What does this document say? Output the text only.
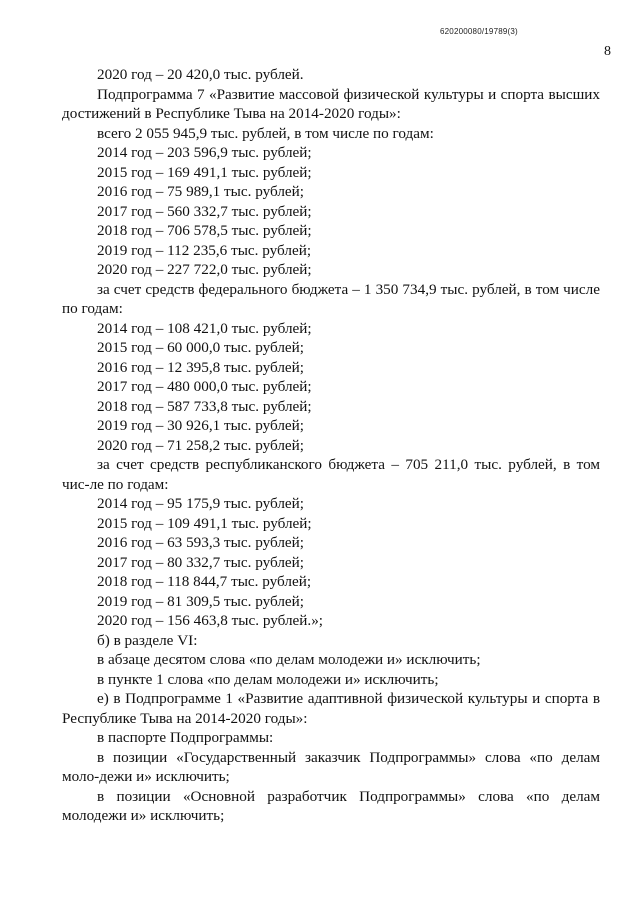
620200080/19789(3)
8

2020 год – 20 420,0 тыс. рублей.

Подпрограмма 7 «Развитие массовой физической культуры и спорта высших достижений в Республике Тыва на 2014-2020 годы»:

всего 2 055 945,9 тыс. рублей, в том числе по годам:

2014 год – 203 596,9 тыс. рублей;

2015 год – 169 491,1 тыс. рублей;

2016 год – 75 989,1 тыс. рублей;

2017 год – 560 332,7 тыс. рублей;

2018 год – 706 578,5 тыс. рублей;

2019 год – 112 235,6 тыс. рублей;

2020 год – 227 722,0 тыс. рублей;

за счет средств федерального бюджета – 1 350 734,9 тыс. рублей, в том числе по годам:

2014 год – 108 421,0 тыс. рублей;

2015 год – 60 000,0 тыс. рублей;

2016 год – 12 395,8 тыс. рублей;

2017 год – 480 000,0 тыс. рублей;

2018 год – 587 733,8 тыс. рублей;

2019 год – 30 926,1 тыс. рублей;

2020 год – 71 258,2 тыс. рублей;

за счет средств республиканского бюджета – 705 211,0 тыс. рублей, в том чис-ле по годам:

2014 год – 95 175,9 тыс. рублей;

2015 год – 109 491,1 тыс. рублей;

2016 год – 63 593,3 тыс. рублей;

2017 год – 80 332,7 тыс. рублей;

2018 год – 118 844,7 тыс. рублей;

2019 год – 81 309,5 тыс. рублей;

2020 год – 156 463,8 тыс. рублей.»;

б) в разделе VI:

в абзаце десятом слова «по делам молодежи и» исключить;

в пункте 1 слова «по делам молодежи и» исключить;

е) в Подпрограмме 1 «Развитие адаптивной физической культуры и спорта в Республике Тыва на 2014-2020 годы»:

в паспорте Подпрограммы:

в позиции «Государственный заказчик Подпрограммы» слова «по делам моло-дежи и» исключить;

в позиции «Основной разработчик Подпрограммы» слова «по делам молодежи и» исключить;
